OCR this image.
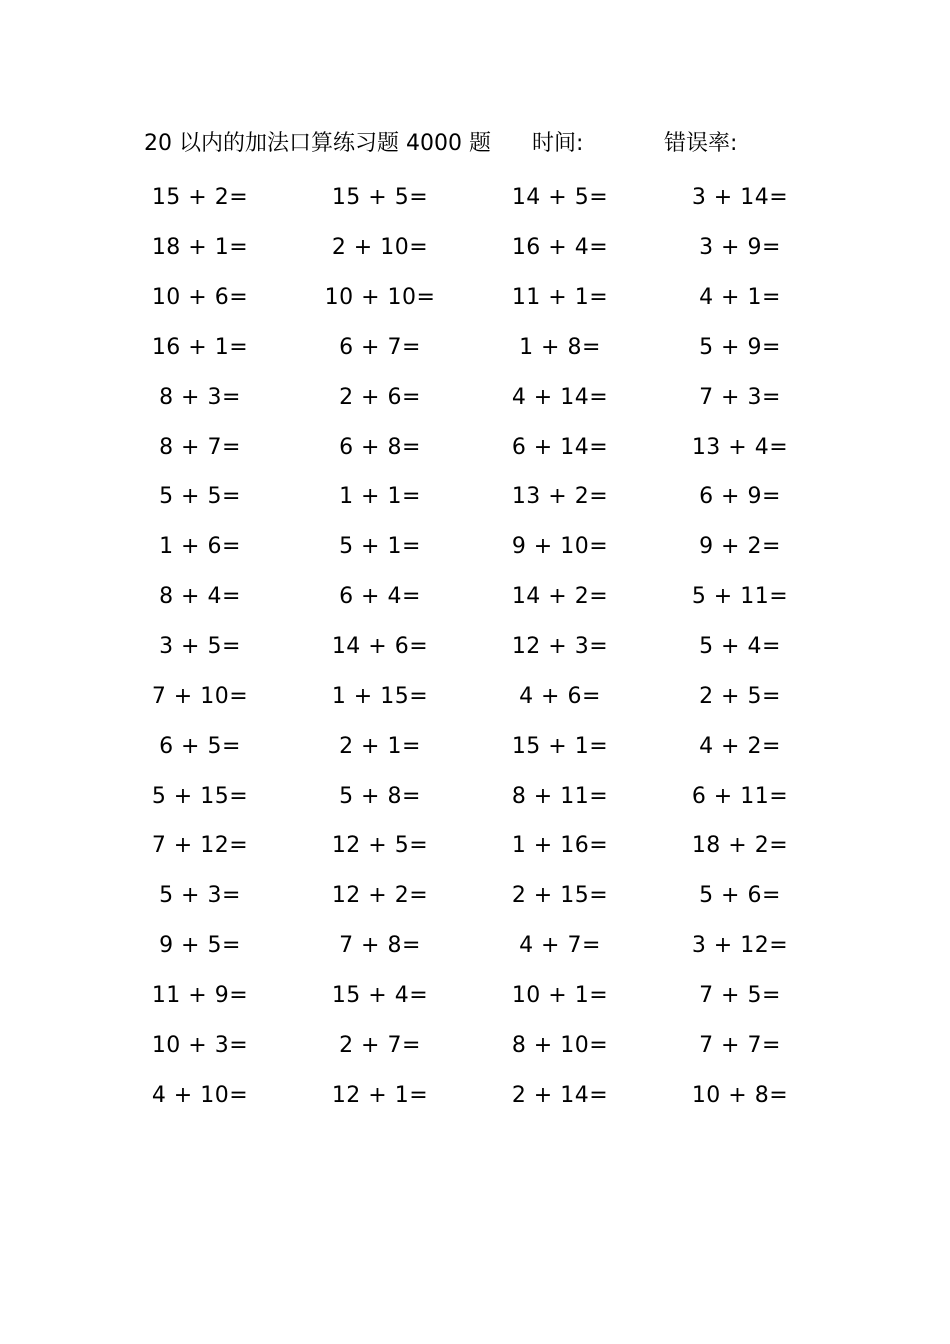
20 以内的加法口算练习题 4000 题 时间:	错误率:
15 + 2=	15 + 5=	14 + 5=	3 + 14=
18 + 1=	2 + 10=	16 + 4=	3 + 9=
10 + 6=	10 + 10=	11 + 1=	4 + 1=
16 + 1=	6 + 7=	1 + 8=	5 + 9=
8 + 3=	2 + 6=	4 + 14=	7 + 3=
8 + 7=	6 + 8=	6 + 14=	13 + 4=
5 + 5=	1 + 1=	13 + 2=	6 + 9=
1 + 6=	5 + 1=	9 + 10=	9 + 2=
8 + 4=	6 + 4=	14 + 2=	5 + 11=
3 + 5=	14 + 6=	12 + 3=	5 + 4=
7 + 10=	1 + 15=	4 + 6=	2 + 5=
6 + 5=	2 + 1=	15 + 1=	4 + 2=
5 + 15=	5 + 8=	8 + 11=	6 + 11=
7 + 12=	12 + 5=	1 + 16=	18 + 2=
5 + 3=	12 + 2=	2 + 15=	5 + 6=
9 + 5=	7 + 8=	4 + 7=	3 + 12=
11 + 9=	15 + 4=	10 + 1=	7 + 5=
10 + 3=	2 + 7=	8 + 10=	7 + 7=
4 + 10=	12 + 1=	2 + 14=	10 + 8=
